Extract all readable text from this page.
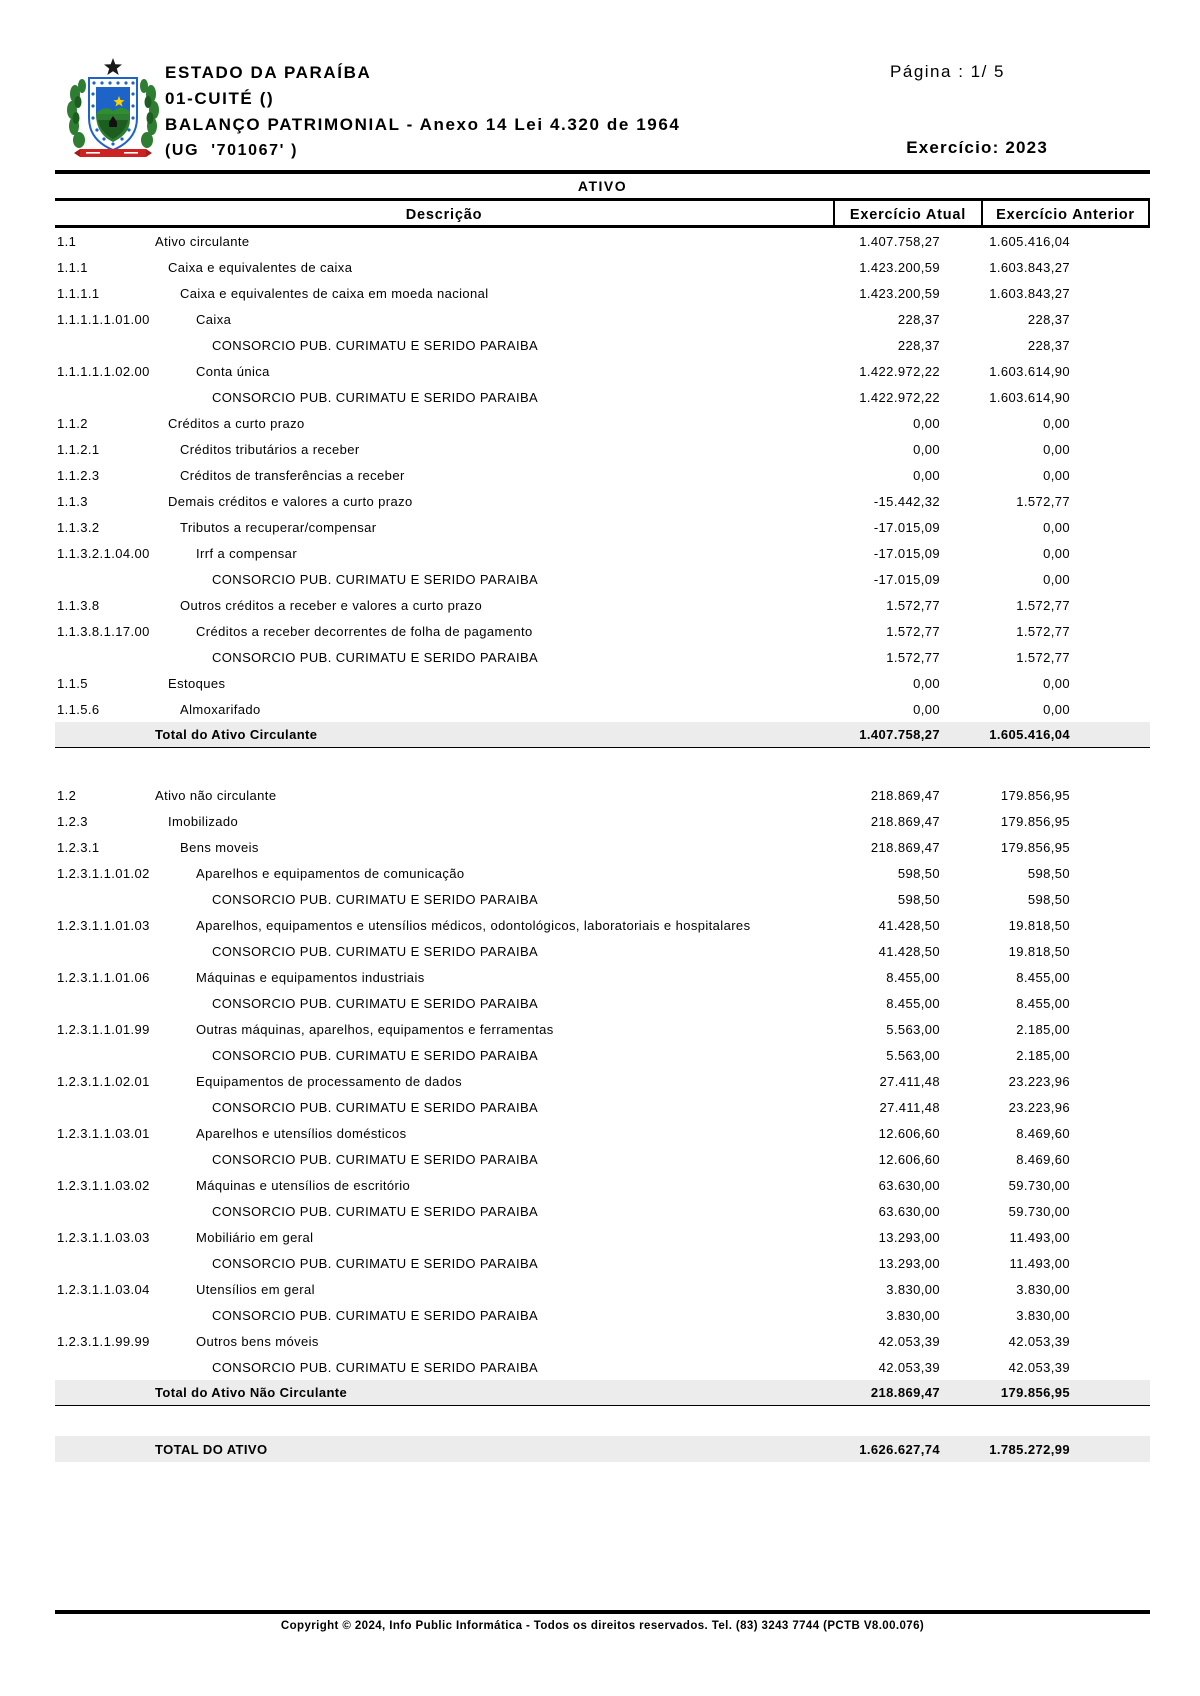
ESTADO DA PARAÍBA
01-CUITÉ ()
BALANÇO PATRIMONIAL - Anexo 14 Lei 4.320 de 1964
(UG  '701067' )
Página : 1/ 5
Exercício: 2023
ATIVO
Descrição	Exercício Atual	Exercício Anterior
1.1	Ativo circulante	1.407.758,27	1.605.416,04
1.1.1	Caixa e equivalentes de caixa	1.423.200,59	1.603.843,27
1.1.1.1	Caixa e equivalentes de caixa em moeda nacional	1.423.200,59	1.603.843,27
1.1.1.1.1.01.00	Caixa	228,37	228,37
CONSORCIO PUB. CURIMATU E SERIDO PARAIBA	228,37	228,37
1.1.1.1.1.02.00	Conta única	1.422.972,22	1.603.614,90
CONSORCIO PUB. CURIMATU E SERIDO PARAIBA	1.422.972,22	1.603.614,90
1.1.2	Créditos a curto prazo	0,00	0,00
1.1.2.1	Créditos tributários a receber	0,00	0,00
1.1.2.3	Créditos de transferências a receber	0,00	0,00
1.1.3	Demais créditos e valores a curto prazo	-15.442,32	1.572,77
1.1.3.2	Tributos a recuperar/compensar	-17.015,09	0,00
1.1.3.2.1.04.00	Irrf a compensar	-17.015,09	0,00
CONSORCIO PUB. CURIMATU E SERIDO PARAIBA	-17.015,09	0,00
1.1.3.8	Outros créditos a receber e valores a curto prazo	1.572,77	1.572,77
1.1.3.8.1.17.00	Créditos a receber decorrentes de folha de pagamento	1.572,77	1.572,77
CONSORCIO PUB. CURIMATU E SERIDO PARAIBA	1.572,77	1.572,77
1.1.5	Estoques	0,00	0,00
1.1.5.6	Almoxarifado	0,00	0,00
Total do Ativo Circulante	1.407.758,27	1.605.416,04
1.2	Ativo não circulante	218.869,47	179.856,95
1.2.3	Imobilizado	218.869,47	179.856,95
1.2.3.1	Bens moveis	218.869,47	179.856,95
1.2.3.1.1.01.02	Aparelhos e equipamentos de comunicação	598,50	598,50
CONSORCIO PUB. CURIMATU E SERIDO PARAIBA	598,50	598,50
1.2.3.1.1.01.03	Aparelhos, equipamentos e utensílios médicos, odontológicos, laboratoriais e hospitalares	41.428,50	19.818,50
CONSORCIO PUB. CURIMATU E SERIDO PARAIBA	41.428,50	19.818,50
1.2.3.1.1.01.06	Máquinas e equipamentos industriais	8.455,00	8.455,00
CONSORCIO PUB. CURIMATU E SERIDO PARAIBA	8.455,00	8.455,00
1.2.3.1.1.01.99	Outras máquinas, aparelhos, equipamentos e ferramentas	5.563,00	2.185,00
CONSORCIO PUB. CURIMATU E SERIDO PARAIBA	5.563,00	2.185,00
1.2.3.1.1.02.01	Equipamentos de processamento de dados	27.411,48	23.223,96
CONSORCIO PUB. CURIMATU E SERIDO PARAIBA	27.411,48	23.223,96
1.2.3.1.1.03.01	Aparelhos e utensílios domésticos	12.606,60	8.469,60
CONSORCIO PUB. CURIMATU E SERIDO PARAIBA	12.606,60	8.469,60
1.2.3.1.1.03.02	Máquinas e utensílios de escritório	63.630,00	59.730,00
CONSORCIO PUB. CURIMATU E SERIDO PARAIBA	63.630,00	59.730,00
1.2.3.1.1.03.03	Mobiliário em geral	13.293,00	11.493,00
CONSORCIO PUB. CURIMATU E SERIDO PARAIBA	13.293,00	11.493,00
1.2.3.1.1.03.04	Utensílios em geral	3.830,00	3.830,00
CONSORCIO PUB. CURIMATU E SERIDO PARAIBA	3.830,00	3.830,00
1.2.3.1.1.99.99	Outros bens móveis	42.053,39	42.053,39
CONSORCIO PUB. CURIMATU E SERIDO PARAIBA	42.053,39	42.053,39
Total do Ativo Não Circulante	218.869,47	179.856,95
TOTAL DO ATIVO	1.626.627,74	1.785.272,99
Copyright © 2024, Info Public Informática - Todos os direitos reservados. Tel. (83) 3243 7744 (PCTB V8.00.076)
